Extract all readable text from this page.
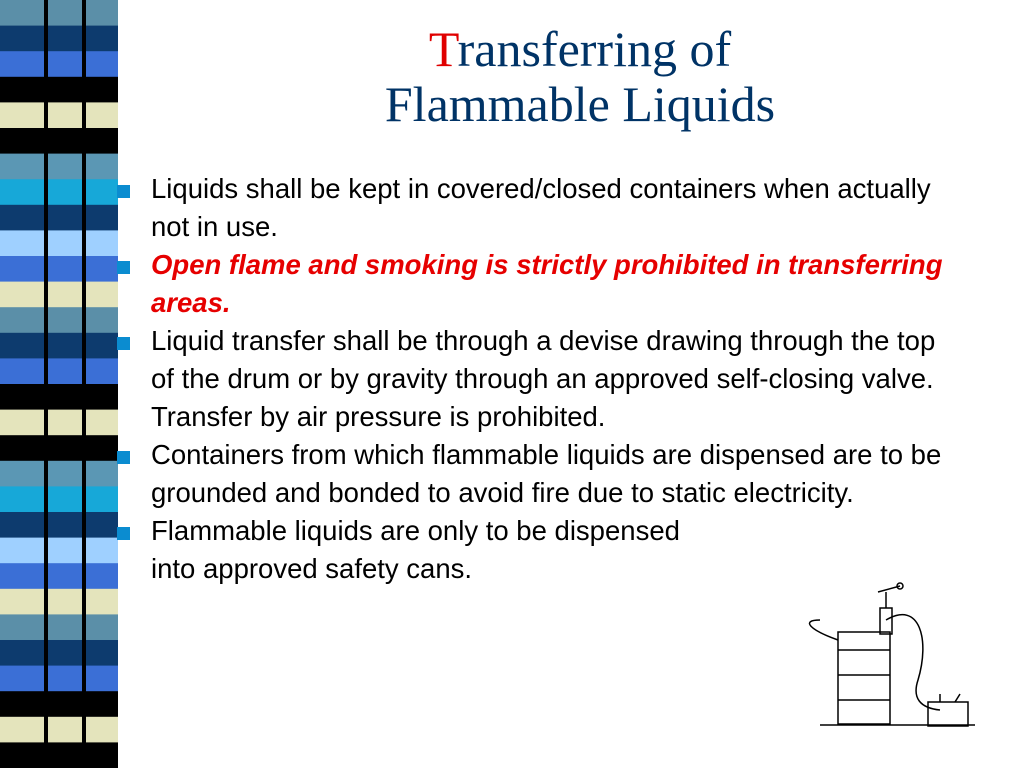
Transferring of
Flammable Liquids
Liquids shall be kept in covered/closed containers when actually not in use.
Open flame and smoking is strictly prohibited in transferring areas.
Liquid transfer shall be through a devise drawing through the top of the drum or by gravity through an approved self-closing valve. Transfer by air pressure is prohibited.
Containers from which flammable liquids are dispensed are to be grounded and bonded to avoid fire due to static electricity.
Flammable liquids are only to be dispensed into approved safety cans.
